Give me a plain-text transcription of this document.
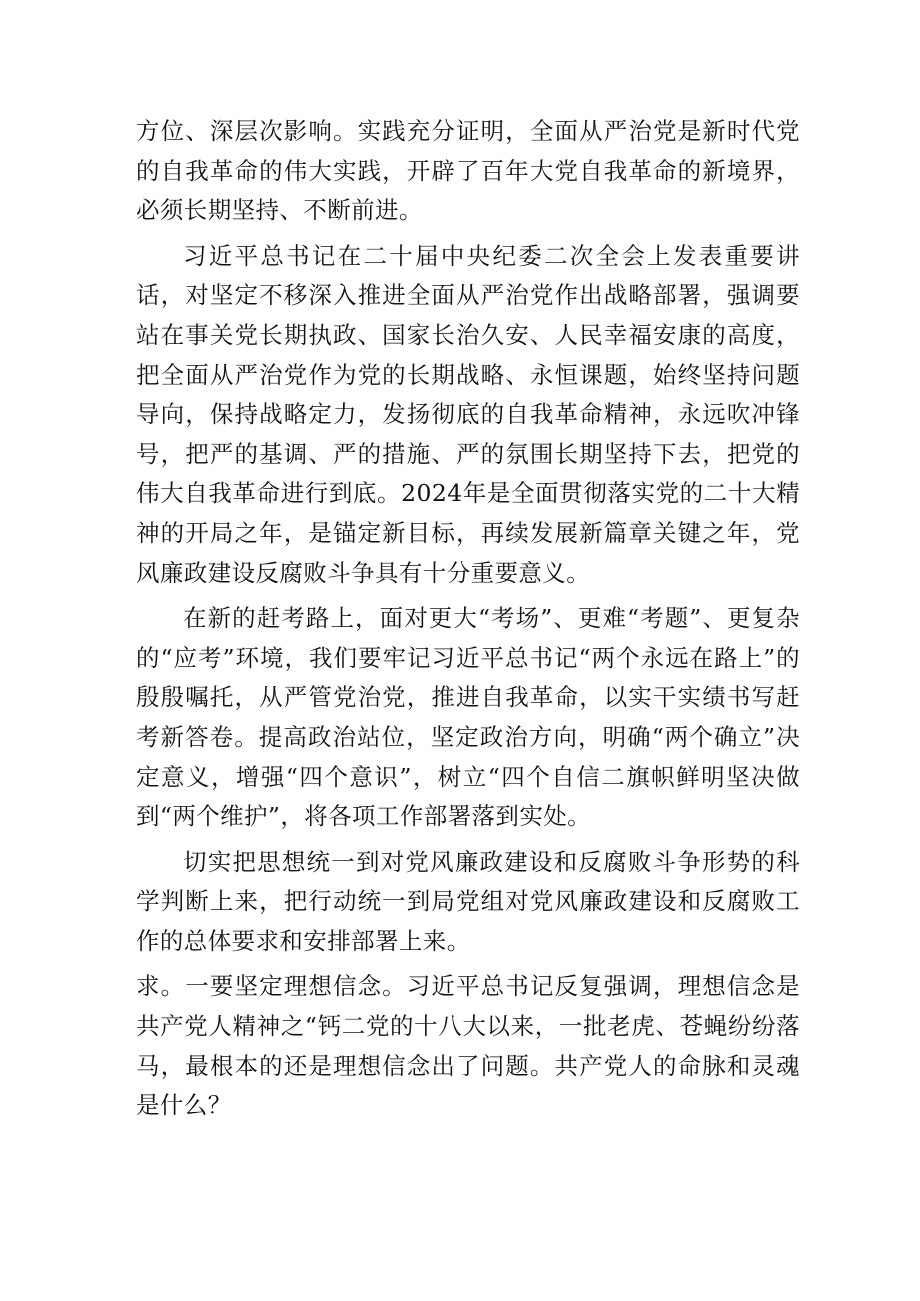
方位、深层次影响。实践充分证明，全面从严治党是新时代党的自我革命的伟大实践，开辟了百年大党自我革命的新境界，必须长期坚持、不断前进。

习近平总书记在二十届中央纪委二次全会上发表重要讲话，对坚定不移深入推进全面从严治党作出战略部署，强调要站在事关党长期执政、国家长治久安、人民幸福安康的高度，把全面从严治党作为党的长期战略、永恒课题，始终坚持问题导向，保持战略定力，发扬彻底的自我革命精神，永远吹冲锋号，把严的基调、严的措施、严的氛围长期坚持下去，把党的伟大自我革命进行到底。2024年是全面贯彻落实党的二十大精神的开局之年，是锚定新目标，再续发展新篇章关键之年，党风廉政建设反腐败斗争具有十分重要意义。

在新的赶考路上，面对更大“考场”、更难“考题”、更复杂的“应考”环境，我们要牢记习近平总书记“两个永远在路上”的殷殷嘱托，从严管党治党，推进自我革命，以实干实绩书写赶考新答卷。提高政治站位，坚定政治方向，明确“两个确立”决定意义，增强“四个意识”，树立“四个自信二旗帜鲜明坚决做到“两个维护”，将各项工作部署落到实处。

切实把思想统一到对党风廉政建设和反腐败斗争形势的科学判断上来，把行动统一到局党组对党风廉政建设和反腐败工作的总体要求和安排部署上来。

求。一要坚定理想信念。习近平总书记反复强调，理想信念是共产党人精神之“钙二党的十八大以来，一批老虎、苍蝇纷纷落马，最根本的还是理想信念出了问题。共产党人的命脉和灵魂是什么？
